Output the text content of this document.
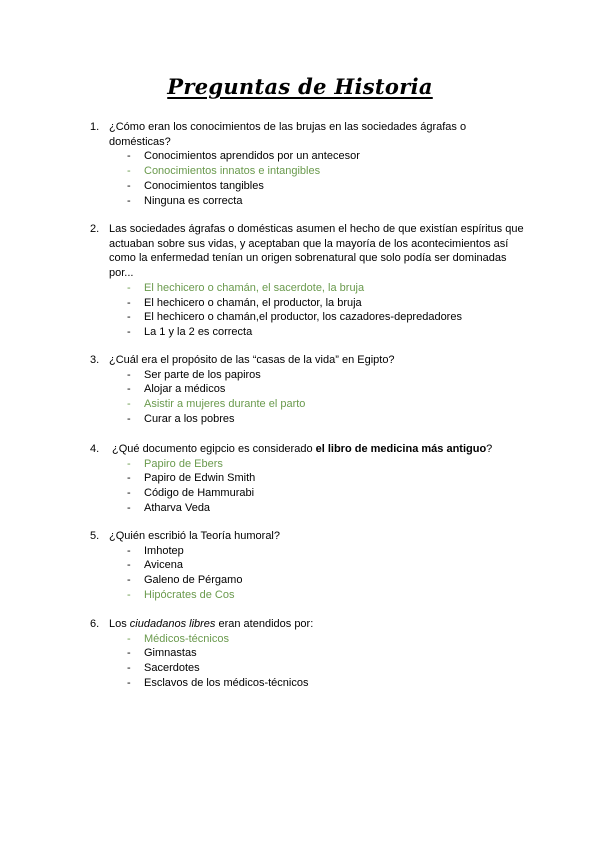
Preguntas de Historia
1. ¿Cómo eran los conocimientos de las brujas en las sociedades ágrafas o domésticas?
- Conocimientos aprendidos por un antecesor
- Conocimientos innatos e intangibles
- Conocimientos tangibles
- Ninguna es correcta
2. Las sociedades ágrafas o domésticas asumen el hecho de que existían espíritus que actuaban sobre sus vidas, y aceptaban que la mayoría de los acontecimientos así como la enfermedad tenían un origen sobrenatural que solo podía ser dominadas por...
- El hechicero o chamán, el sacerdote, la bruja
- El hechicero o chamán, el productor, la bruja
- El hechicero o chamán,el productor, los cazadores-depredadores
- La 1 y la 2 es correcta
3. ¿Cuál era el propósito de las “casas de la vida” en Egipto?
- Ser parte de los papiros
- Alojar a médicos
- Asistir a mujeres durante el parto
- Curar a los pobres
4. ¿Qué documento egipcio es considerado el libro de medicina más antiguo?
- Papiro de Ebers
- Papiro de Edwin Smith
- Código de Hammurabi
- Atharva Veda
5. ¿Quién escribió la Teoría humoral?
- Imhotep
- Avicena
- Galeno de Pérgamo
- Hipócrates de Cos
6. Los ciudadanos libres eran atendidos por:
- Médicos-técnicos
- Gimnastas
- Sacerdotes
- Esclavos de los médicos-técnicos
